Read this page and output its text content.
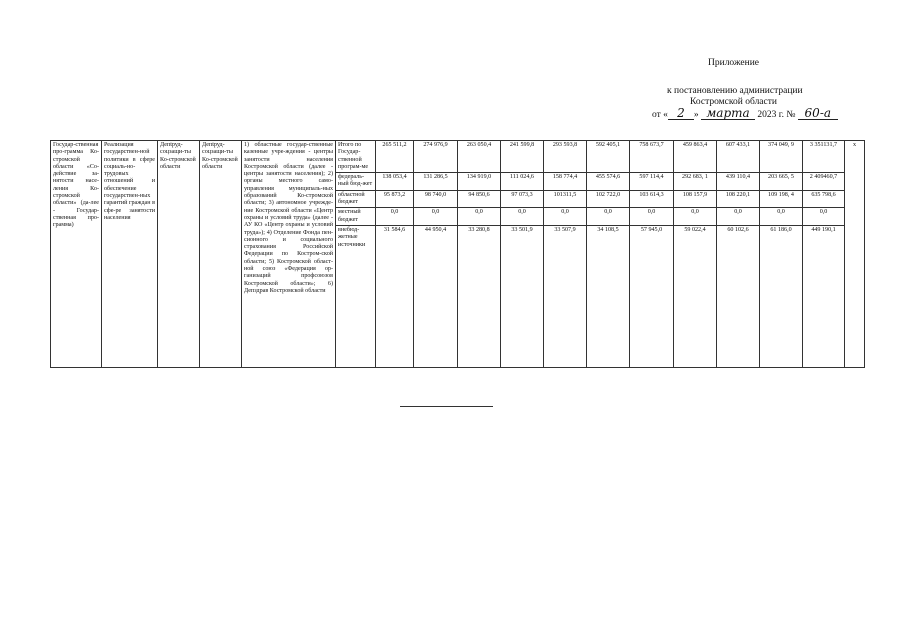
Приложение
к постановлению администрации
Костромской области
от « 2 » марта 2023 г. № 60-а
Государ-ственная про-грамма Ко-стромской области «Со-действие за-нятости насе-ления Ко-стромской области» (да-лее - Государ-ственная про-грамма)	Реализация государствен-ной политики в сфере социаль-но-трудовых отношений и обеспечение государствен-ных гарантий граждан в сфе-ре занятости населения	Депtруд-соцзащи-ты Ко-стромской области	Депtруд-соцзащи-ты Ко-стромской области	1) областные государ-ственные казенные учре-ждения - центры занятости населения Костромской области (далее - центры занятости населения); 2) органы местного само-управления муниципаль-ных образований Ко-стромской области; 3) автономное учрежде-ние Костромской области «Центр охраны и условий труда» (далее - АУ КО «Центр охраны и условий труда»); 4) Отделение Фонда пен-сионного и социального страхования Российской Федерации по Костром-ской области; 5) Костромской област-ной союз «Федерация ор-ганизаций профсоюзов Костромской области»; 6) Депздрав Костромской области	Итого по Государ-ственной програм-ме	265 511,2	274 976,9	263 050,4	241 599,8	293 593,8	592 405,1	758 673,7	459 863,4	607 433,1	374 049, 9	3 351131,7	х
					федераль-ный бюд-жет	138 053,4	131 286,5	134 919,0	111 024,6	158 774,4	455 574,6	597 114,4	292 683, 1	439 110,4	203 665, 5	2 409460,7	
					областной бюджет	95 873,2	98 740,0	94 850,6	97 073,3	101311,5	102 722,0	103 614,3	108 157,9	108 220,1	109 198, 4	635 798,6	
					местный бюджет	0,0	0,0	0,0	0,0	0,0	0,0	0,0	0,0	0,0	0,0	0,0	
					внебюд-жетные источники	31 584,6	44 950,4	33 280,8	33 501,9	33 507,9	34 108,5	57 945,0	59 022,4	60 102,6	61 186,0	449 190,1	
